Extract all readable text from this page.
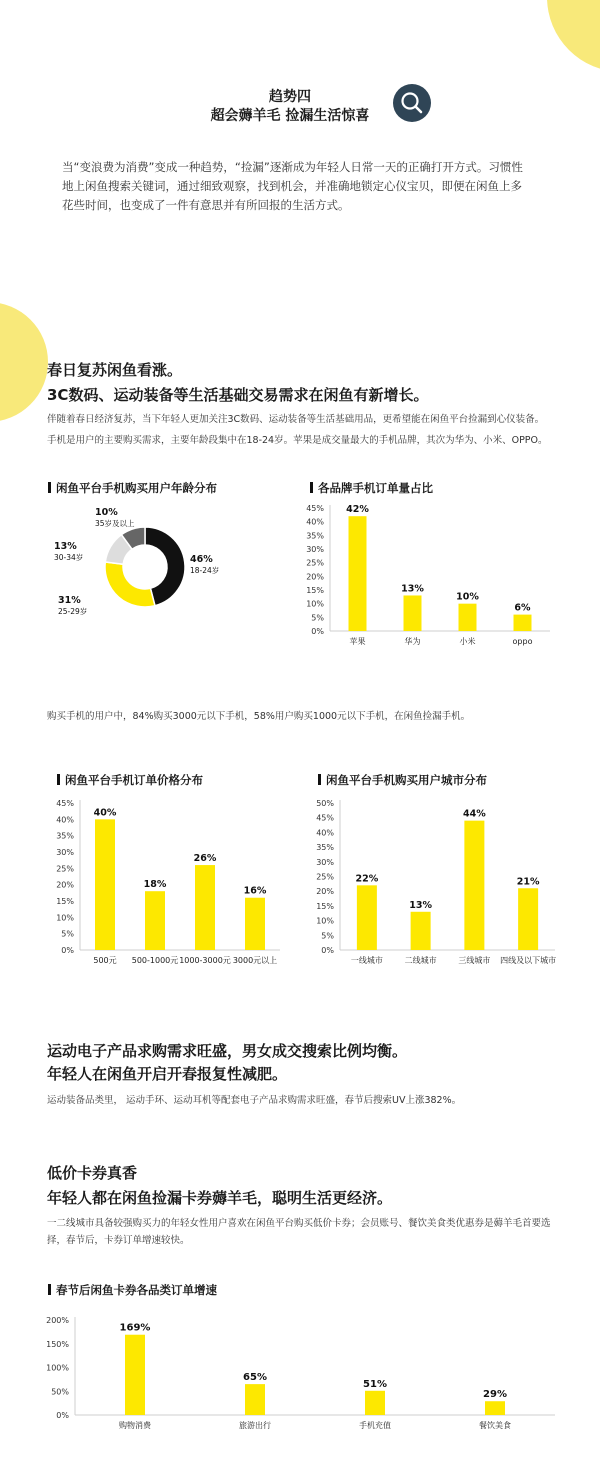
趋势四
超会薅羊毛 捡漏生活惊喜
当“变浪费为消费”变成一种趋势，“捡漏”逐渐成为年轻人日常一天的正确打开方式。习惯性地上闲鱼搜索关键词，通过细致观察，找到机会，并准确地锁定心仪宝贝，即便在闲鱼上多花些时间，也变成了一件有意思并有所回报的生活方式。
春日复苏闲鱼看涨。
3C数码、运动装备等生活基础交易需求在闲鱼有新增长。
伴随着春日经济复苏，当下年轻人更加关注3C数码、运动装备等生活基础用品，更希望能在闲鱼平台捡漏到心仪装备。
手机是用户的主要购买需求，主要年龄段集中在18-24岁。苹果是成交量最大的手机品牌，其次为华为、小米、OPPO。
闲鱼平台手机购买用户年龄分布
46%
18-24岁
31%
25-29岁
13%
30-34岁
10%
35岁及以上
各品牌手机订单量占比
0%
5%
10%
15%
20%
25%
30%
35%
40%
45% 42%
苹果
13%
华为
10%
小米
6%
oppo
购买手机的用户中，84%购买3000元以下手机，58%用户购买1000元以下手机，在闲鱼捡漏手机。
闲鱼平台手机订单价格分布
0%
5%
10%
15%
20%
25%
30%
35%
40%
45%
40%
500元
18%
500-1000元
26%
1000-3000元
16%
3000元以上
闲鱼平台手机购买用户城市分布
0%
5%
10%
15%
20%
25%
30%
35%
40%
45%
50%
22%
一线城市
13%
二线城市
44%
三线城市
21%
四线及以下城市
运动电子产品求购需求旺盛，男女成交搜索比例均衡。
年轻人在闲鱼开启开春报复性减肥。
运动装备品类里， 运动手环、运动耳机等配套电子产品求购需求旺盛，春节后搜索UV上涨382%。
低价卡券真香
年轻人都在闲鱼捡漏卡券薅羊毛，聪明生活更经济。
一二线城市具备较强购买力的年轻女性用户喜欢在闲鱼平台购买低价卡券；会员账号、餐饮美食类优惠券是薅羊毛首要选择，春节后，卡券订单增速较快。
春节后闲鱼卡券各品类订单增速
0%
50%
100%
150%
200%
169%
购物消费
65%
旅游出行
51%
手机充值
29%
餐饮美食
